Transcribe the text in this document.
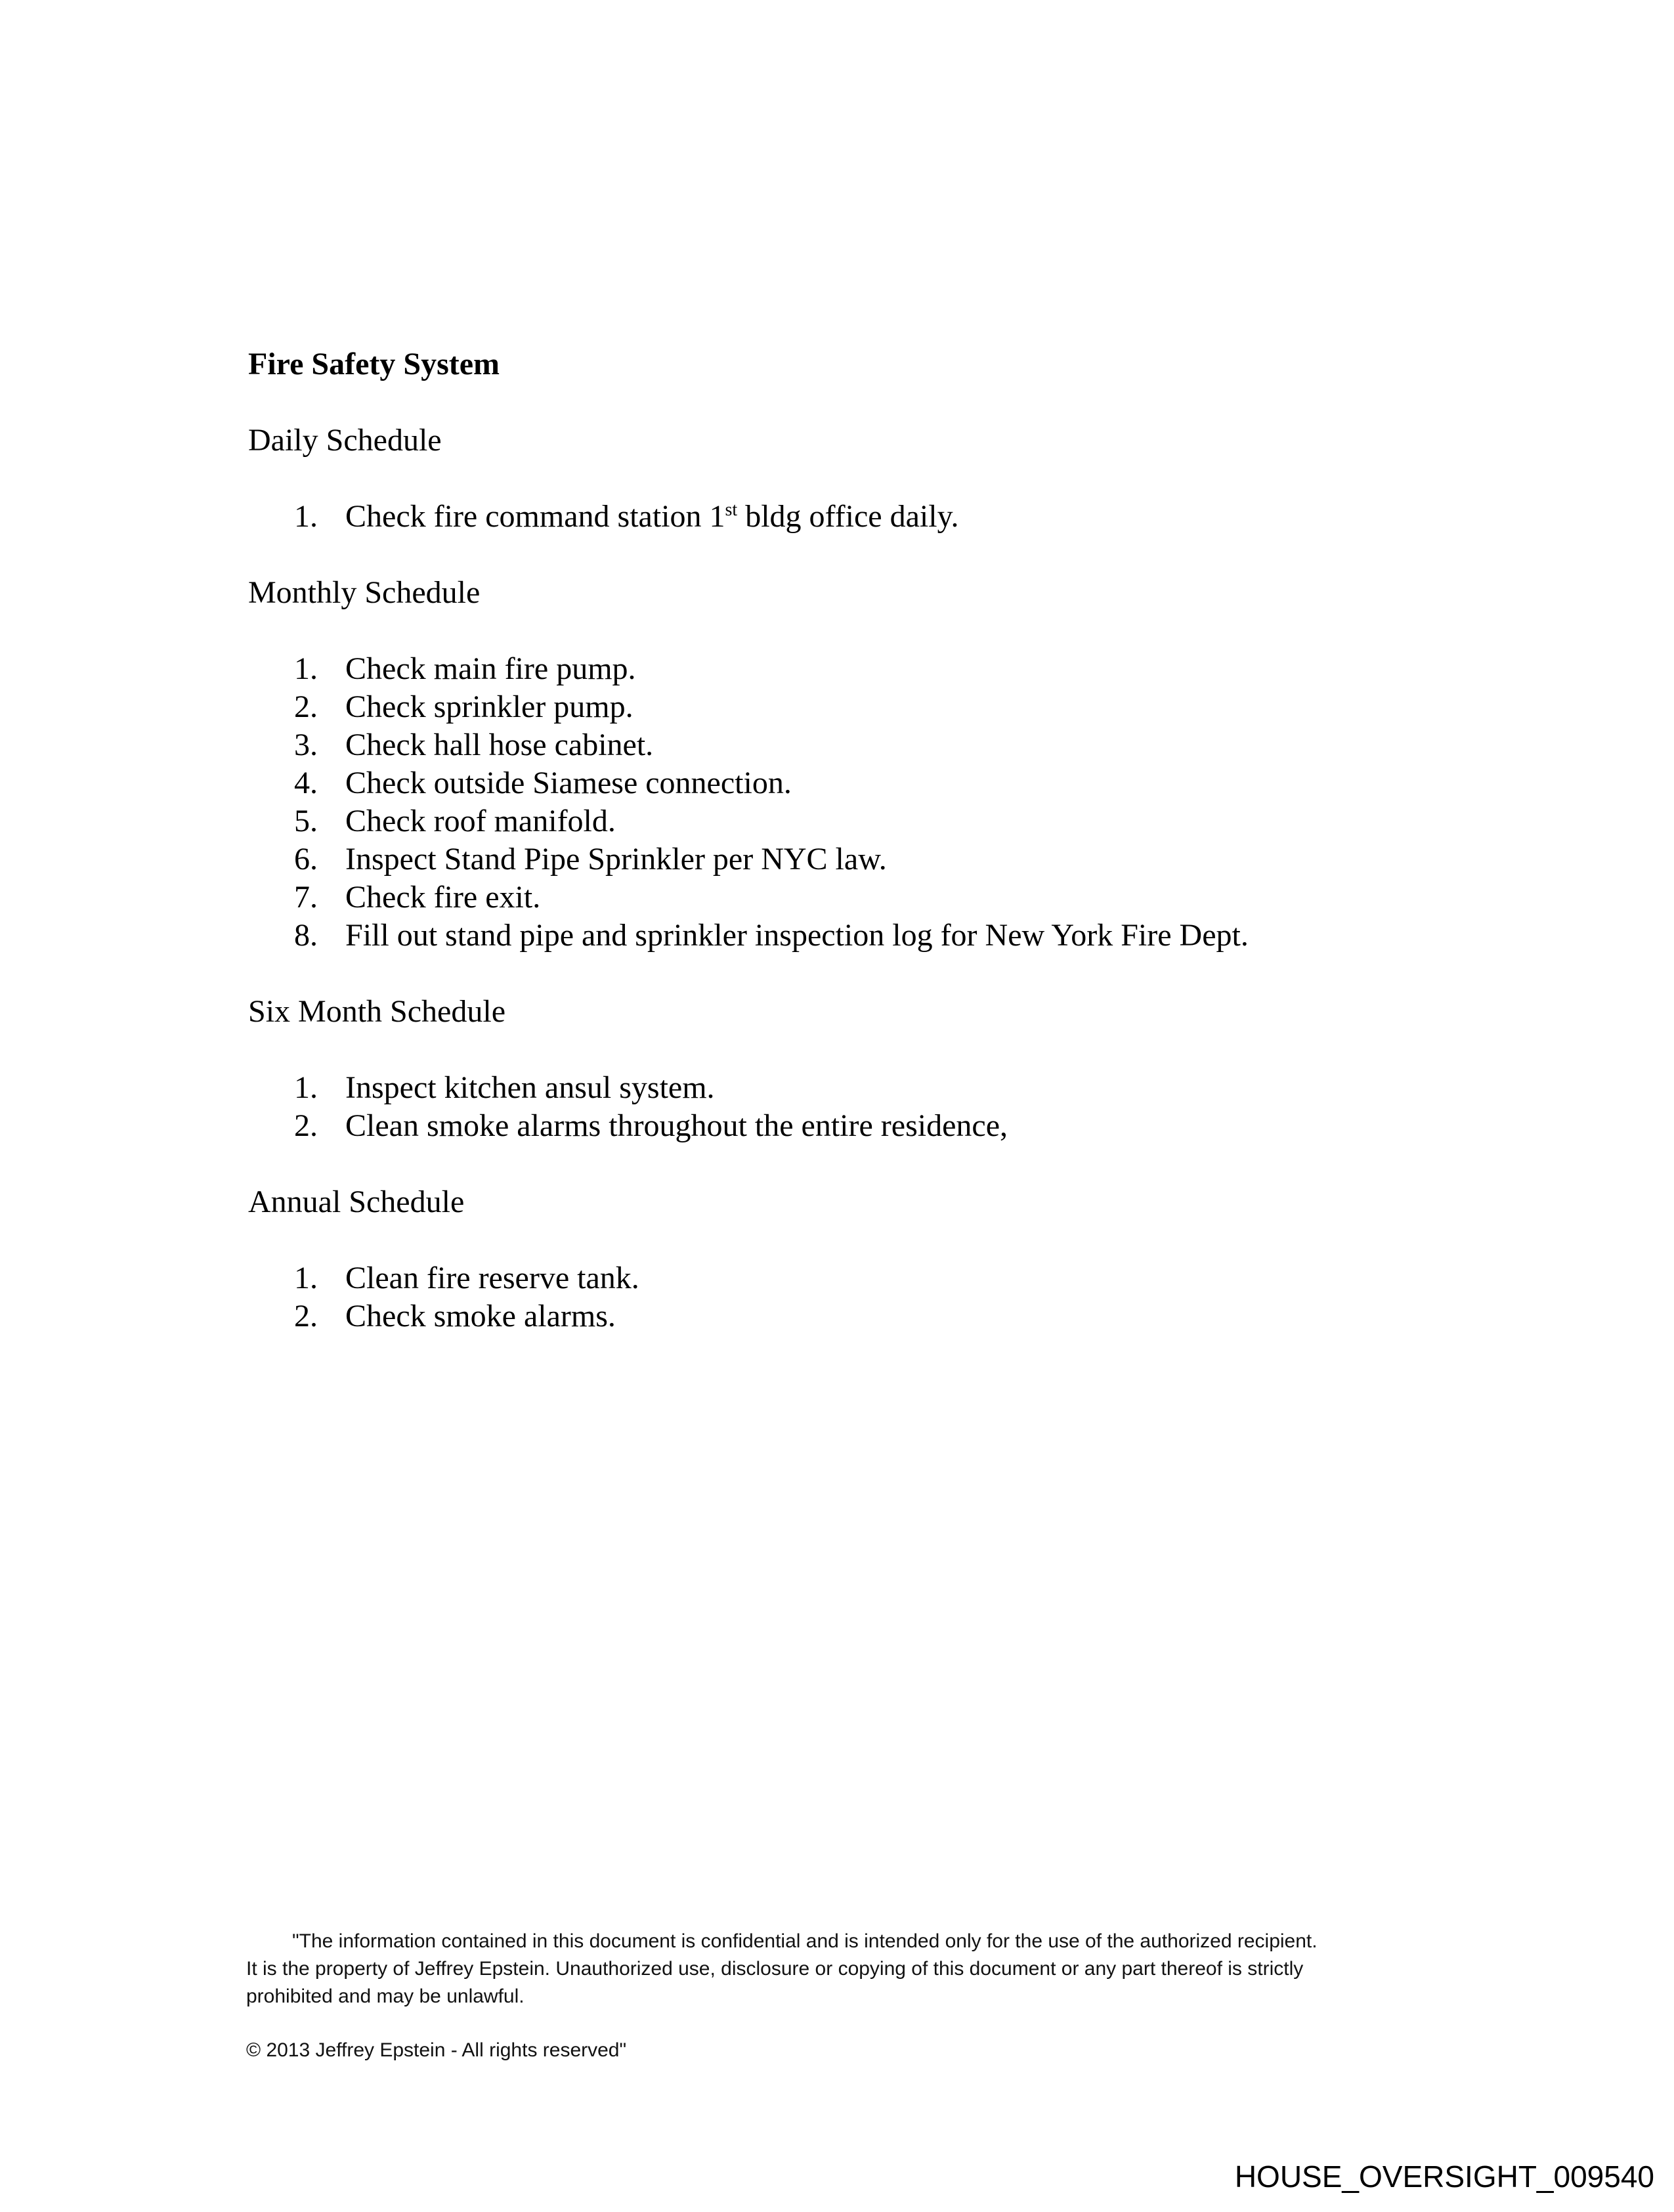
Fire Safety System
Daily Schedule
Check fire command station 1st bldg office daily.
Monthly Schedule
Check main fire pump.
Check sprinkler pump.
Check hall hose cabinet.
Check outside Siamese connection.
Check roof manifold.
Inspect Stand Pipe Sprinkler per NYC law.
Check fire exit.
Fill out stand pipe and sprinkler inspection log for New York Fire Dept.
Six Month Schedule
Inspect kitchen ansul system.
Clean smoke alarms throughout the entire residence,
Annual Schedule
Clean fire reserve tank.
Check smoke alarms.

"The information contained in this document is confidential and is intended only for the use of the authorized recipient.

It is the property of Jeffrey Epstein. Unauthorized use, disclosure or copying of this document or any part thereof is strictly

prohibited and may be unlawful.

© 2013 Jeffrey Epstein - All rights reserved"

HOUSE_OVERSIGHT_009540
